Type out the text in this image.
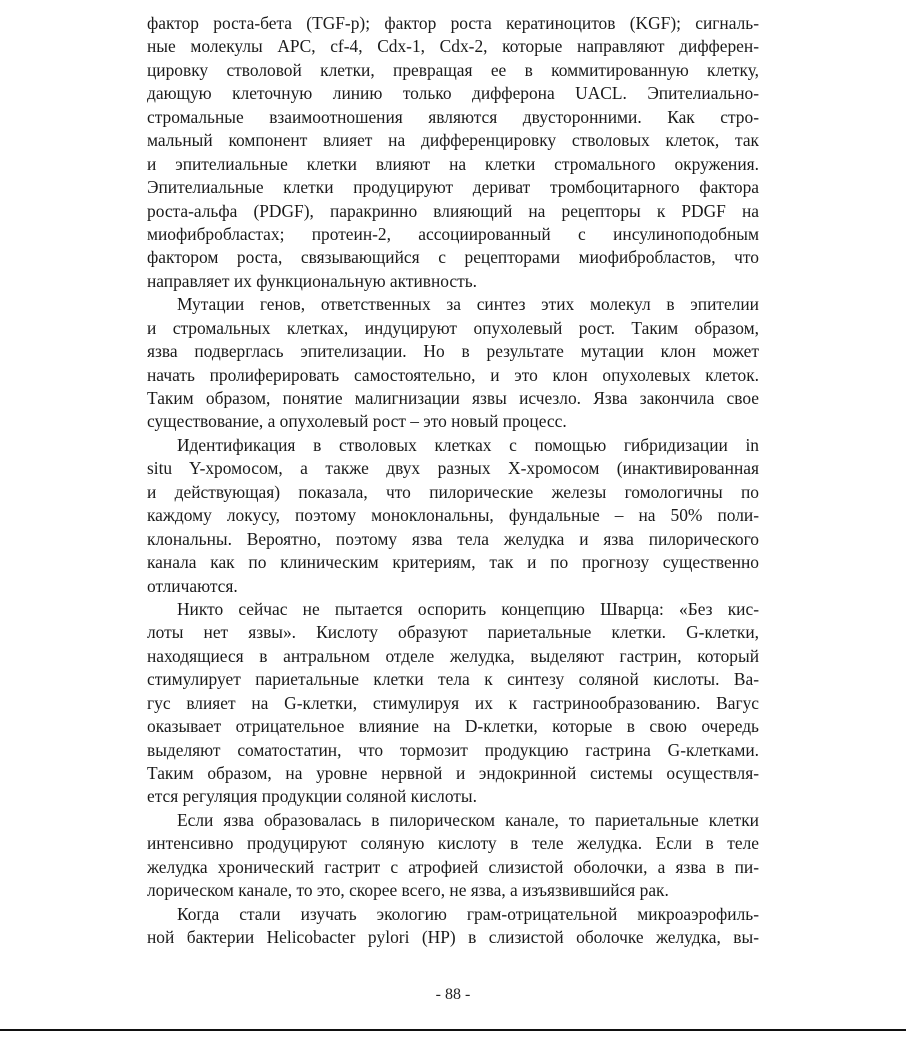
фактор роста-бета (TGF-p); фактор роста кератиноцитов (KGF); сигналь-
ные молекулы APC, cf-4, Cdx-1, Cdx-2, которые направляют дифферен-
цировку стволовой клетки, превращая ее в коммитированную клетку,
дающую клеточную линию только дифферона UACL. Эпителиально-
стромальные взаимоотношения являются двусторонними. Как стро-
мальный компонент влияет на дифференцировку стволовых клеток, так
и эпителиальные клетки влияют на клетки стромального окружения.
Эпителиальные клетки продуцируют дериват тромбоцитарного фактора
роста-альфа (PDGF), паракринно влияющий на рецепторы к PDGF на
миофибробластах; протеин-2, ассоциированный с инсулиноподобным
фактором роста, связывающийся с рецепторами миофибробластов, что
направляет их функциональную активность.
Мутации генов, ответственных за синтез этих молекул в эпителии
и стромальных клетках, индуцируют опухолевый рост. Таким образом,
язва подверглась эпителизации. Но в результате мутации клон может
начать пролиферировать самостоятельно, и это клон опухолевых клеток.
Таким образом, понятие малигнизации язвы исчезло. Язва закончила свое
существование, а опухолевый рост – это новый процесс.
Идентификация в стволовых клетках с помощью гибридизации in
situ Y-хромосом, а также двух разных X-хромосом (инактивированная
и действующая) показала, что пилорические железы гомологичны по
каждому локусу, поэтому моноклональны, фундальные – на 50% поли-
клональны. Вероятно, поэтому язва тела желудка и язва пилорического
канала как по клиническим критериям, так и по прогнозу существенно
отличаются.
Никто сейчас не пытается оспорить концепцию Шварца: «Без кис-
лоты нет язвы». Кислоту образуют париетальные клетки. G-клетки,
находящиеся в антральном отделе желудка, выделяют гастрин, который
стимулирует париетальные клетки тела к синтезу соляной кислоты. Ва-
гус влияет на G-клетки, стимулируя их к гастринообразованию. Вагус
оказывает отрицательное влияние на D-клетки, которые в свою очередь
выделяют соматостатин, что тормозит продукцию гастрина G-клетками.
Таким образом, на уровне нервной и эндокринной системы осуществля-
ется регуляция продукции соляной кислоты.
Если язва образовалась в пилорическом канале, то париетальные клетки
интенсивно продуцируют соляную кислоту в теле желудка. Если в теле
желудка хронический гастрит с атрофией слизистой оболочки, а язва в пи-
лорическом канале, то это, скорее всего, не язва, а изъязвившийся рак.
Когда стали изучать экологию грам-отрицательной микроаэрофиль-
ной бактерии Helicobacter pylori (HP) в слизистой оболочке желудка, вы-
- 88 -
